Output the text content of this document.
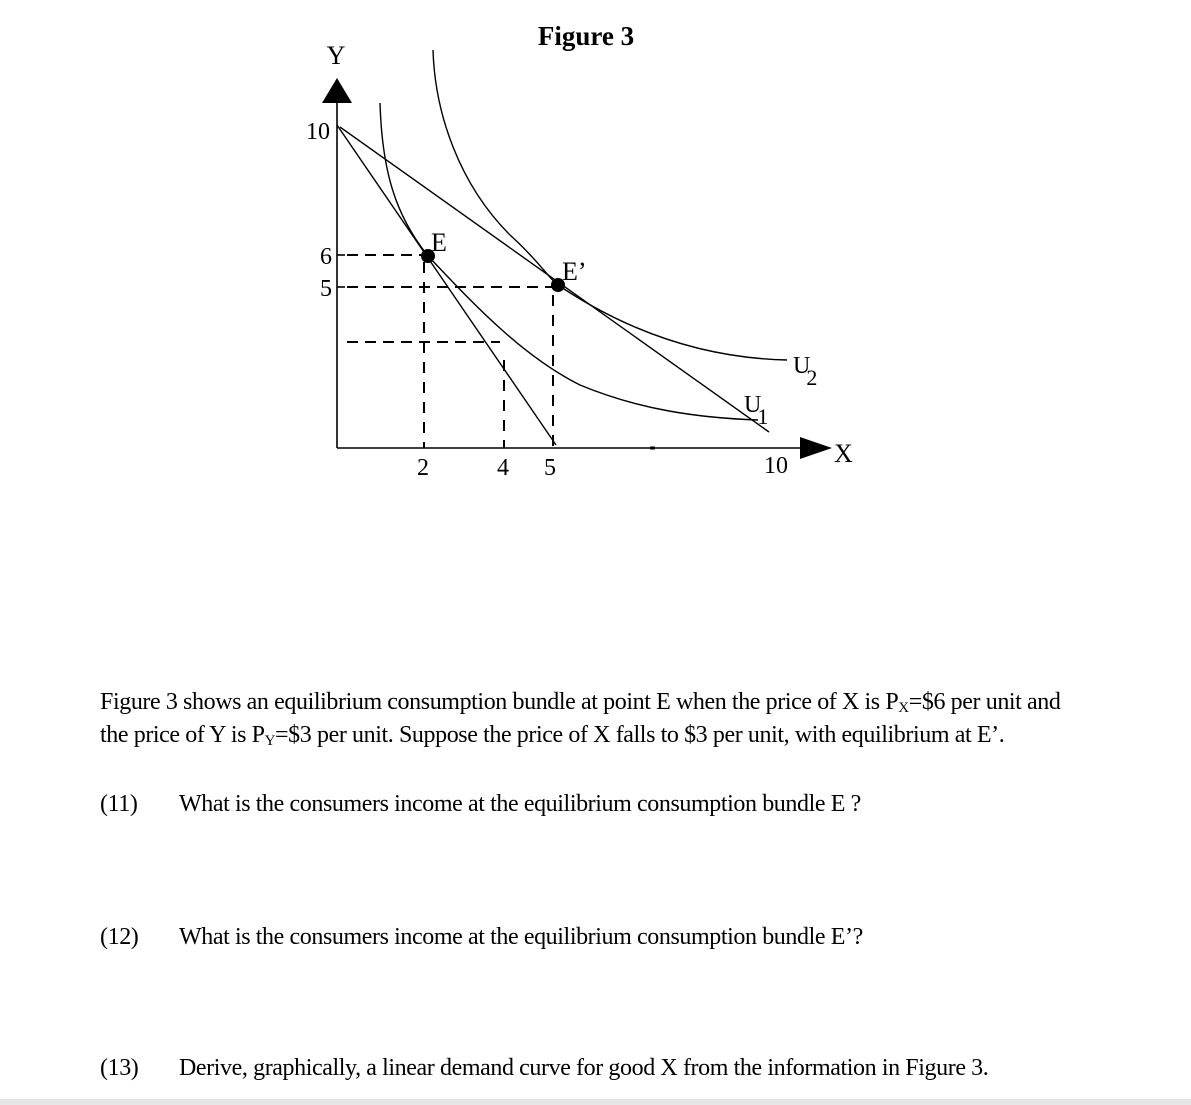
Figure 3
Y
X
10
6
5
2	4 5	10
E
E’
U1
U2
Figure 3 shows an equilibrium consumption bundle at point E when the price of X is $P_X=\$6$ per unit and
the price of Y is $P_Y=\$3$ per unit. Suppose the price of X falls to $3 per unit, with equilibrium at E’.
(11) What is the consumers income at the equilibrium consumption bundle E ?
(12) What is the consumers income at the equilibrium consumption bundle E’?
(13) Derive, graphically, a linear demand curve for good X from the information in Figure 3.
